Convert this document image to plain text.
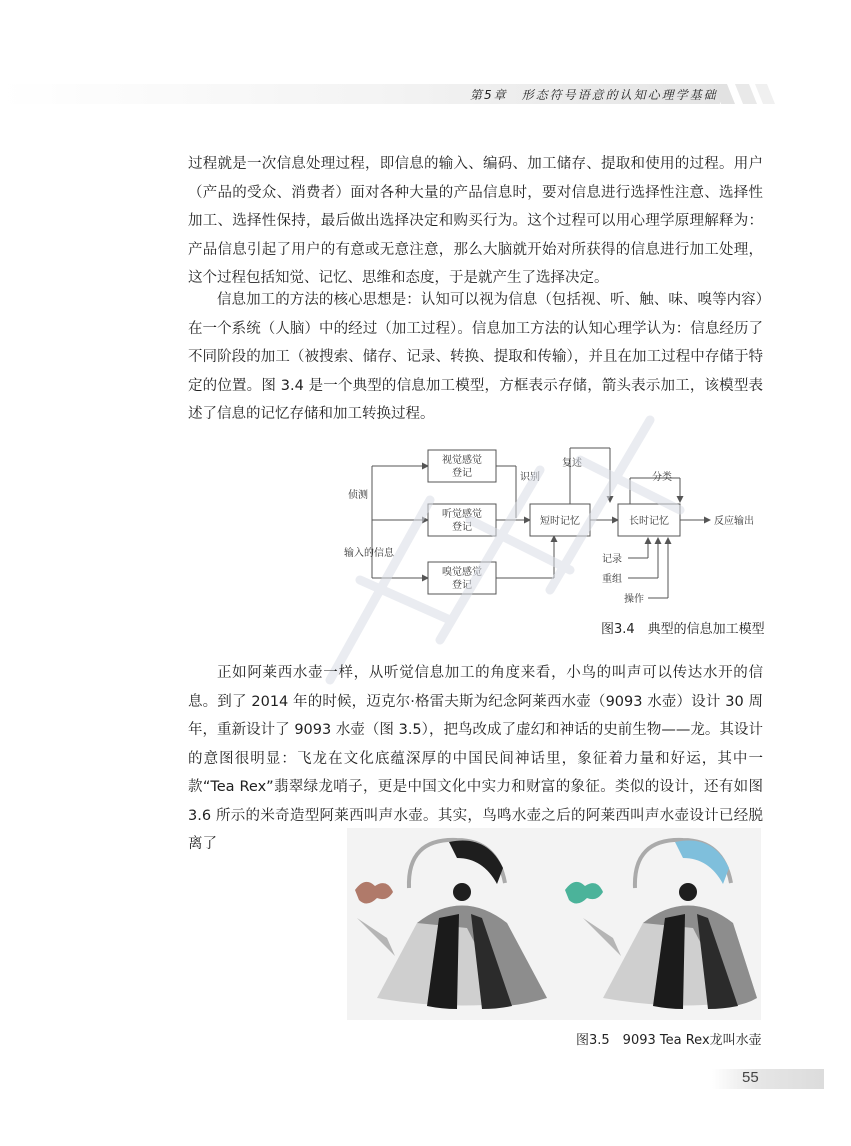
第5章　形态符号语意的认知心理学基础

过程就是一次信息处理过程，即信息的输入、编码、加工储存、提取和使用的过程。用户（产品的受众、消费者）面对各种大量的产品信息时，要对信息进行选择性注意、选择性加工、选择性保持，最后做出选择决定和购买行为。这个过程可以用心理学原理解释为：产品信息引起了用户的有意或无意注意，那么大脑就开始对所获得的信息进行加工处理，这个过程包括知觉、记忆、思维和态度，于是就产生了选择决定。

信息加工的方法的核心思想是：认知可以视为信息（包括视、听、触、味、嗅等内容）在一个系统（人脑）中的经过（加工过程）。信息加工方法的认知心理学认为：信息经历了不同阶段的加工（被搜索、储存、记录、转换、提取和传输），并且在加工过程中存储于特定的位置。图 3.4 是一个典型的信息加工模型，方框表示存储，箭头表示加工，该模型表述了信息的记忆存储和加工转换过程。

视觉感觉
登记
听觉感觉
登记
嗅觉感觉
登记
短时记忆	长时记忆
侦测
输入的信息
识别
复述
分类
反应输出
记录
重组
操作
图3.4　典型的信息加工模型

正如阿莱西水壶一样，从听觉信息加工的角度来看，小鸟的叫声可以传达水开的信息。到了 2014 年的时候，迈克尔·格雷夫斯为纪念阿莱西水壶（9093 水壶）设计 30 周年，重新设计了 9093 水壶（图 3.5），把鸟改成了虚幻和神话的史前生物——龙。其设计的意图很明显：飞龙在文化底蕴深厚的中国民间神话里，象征着力量和好运，其中一款“Tea Rex”翡翠绿龙哨子，更是中国文化中实力和财富的象征。类似的设计，还有如图 3.6 所示的米奇造型阿莱西叫声水壶。其实，鸟鸣水壶之后的阿莱西叫声水壶设计已经脱离了

图3.5　9093 Tea Rex龙叫水壶
55
